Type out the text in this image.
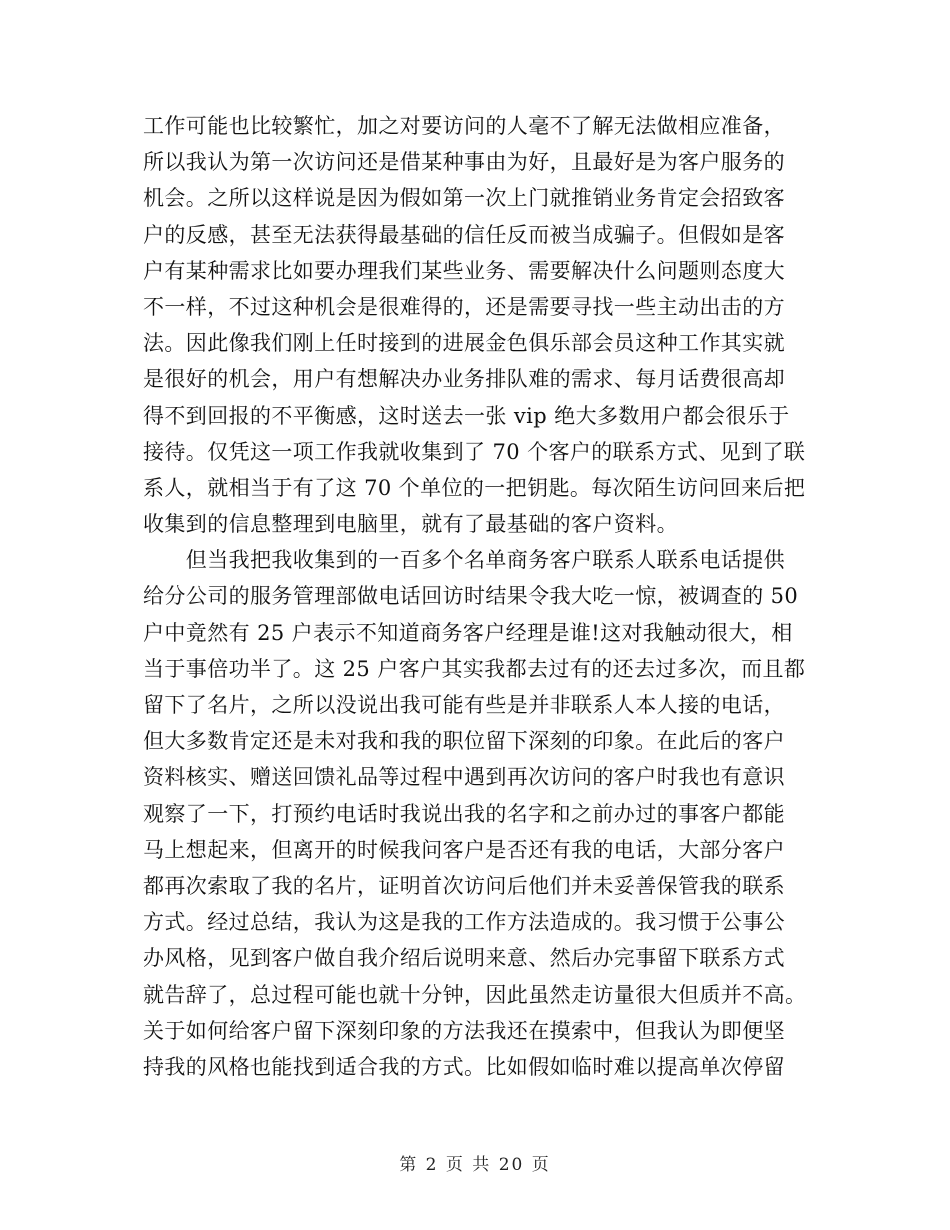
工作可能也比较繁忙，加之对要访问的人毫不了解无法做相应准备，
所以我认为第一次访问还是借某种事由为好，且最好是为客户服务的
机会。之所以这样说是因为假如第一次上门就推销业务肯定会招致客
户的反感，甚至无法获得最基础的信任反而被当成骗子。但假如是客
户有某种需求比如要办理我们某些业务、需要解决什么问题则态度大
不一样，不过这种机会是很难得的，还是需要寻找一些主动出击的方
法。因此像我们刚上任时接到的进展金色俱乐部会员这种工作其实就
是很好的机会，用户有想解决办业务排队难的需求、每月话费很高却
得不到回报的不平衡感，这时送去一张 vip 绝大多数用户都会很乐于
接待。仅凭这一项工作我就收集到了 70 个客户的联系方式、见到了联
系人，就相当于有了这 70 个单位的一把钥匙。每次陌生访问回来后把
收集到的信息整理到电脑里，就有了最基础的客户资料。
　　但当我把我收集到的一百多个名单商务客户联系人联系电话提供
给分公司的服务管理部做电话回访时结果令我大吃一惊，被调查的 50
户中竟然有 25 户表示不知道商务客户经理是谁!这对我触动很大，相
当于事倍功半了。这 25 户客户其实我都去过有的还去过多次，而且都
留下了名片，之所以没说出我可能有些是并非联系人本人接的电话，
但大多数肯定还是未对我和我的职位留下深刻的印象。在此后的客户
资料核实、赠送回馈礼品等过程中遇到再次访问的客户时我也有意识
观察了一下，打预约电话时我说出我的名字和之前办过的事客户都能
马上想起来，但离开的时候我问客户是否还有我的电话，大部分客户
都再次索取了我的名片，证明首次访问后他们并未妥善保管我的联系
方式。经过总结，我认为这是我的工作方法造成的。我习惯于公事公
办风格，见到客户做自我介绍后说明来意、然后办完事留下联系方式
就告辞了，总过程可能也就十分钟，因此虽然走访量很大但质并不高。
关于如何给客户留下深刻印象的方法我还在摸索中，但我认为即便坚
持我的风格也能找到适合我的方式。比如假如临时难以提高单次停留
第 2 页 共 20 页
